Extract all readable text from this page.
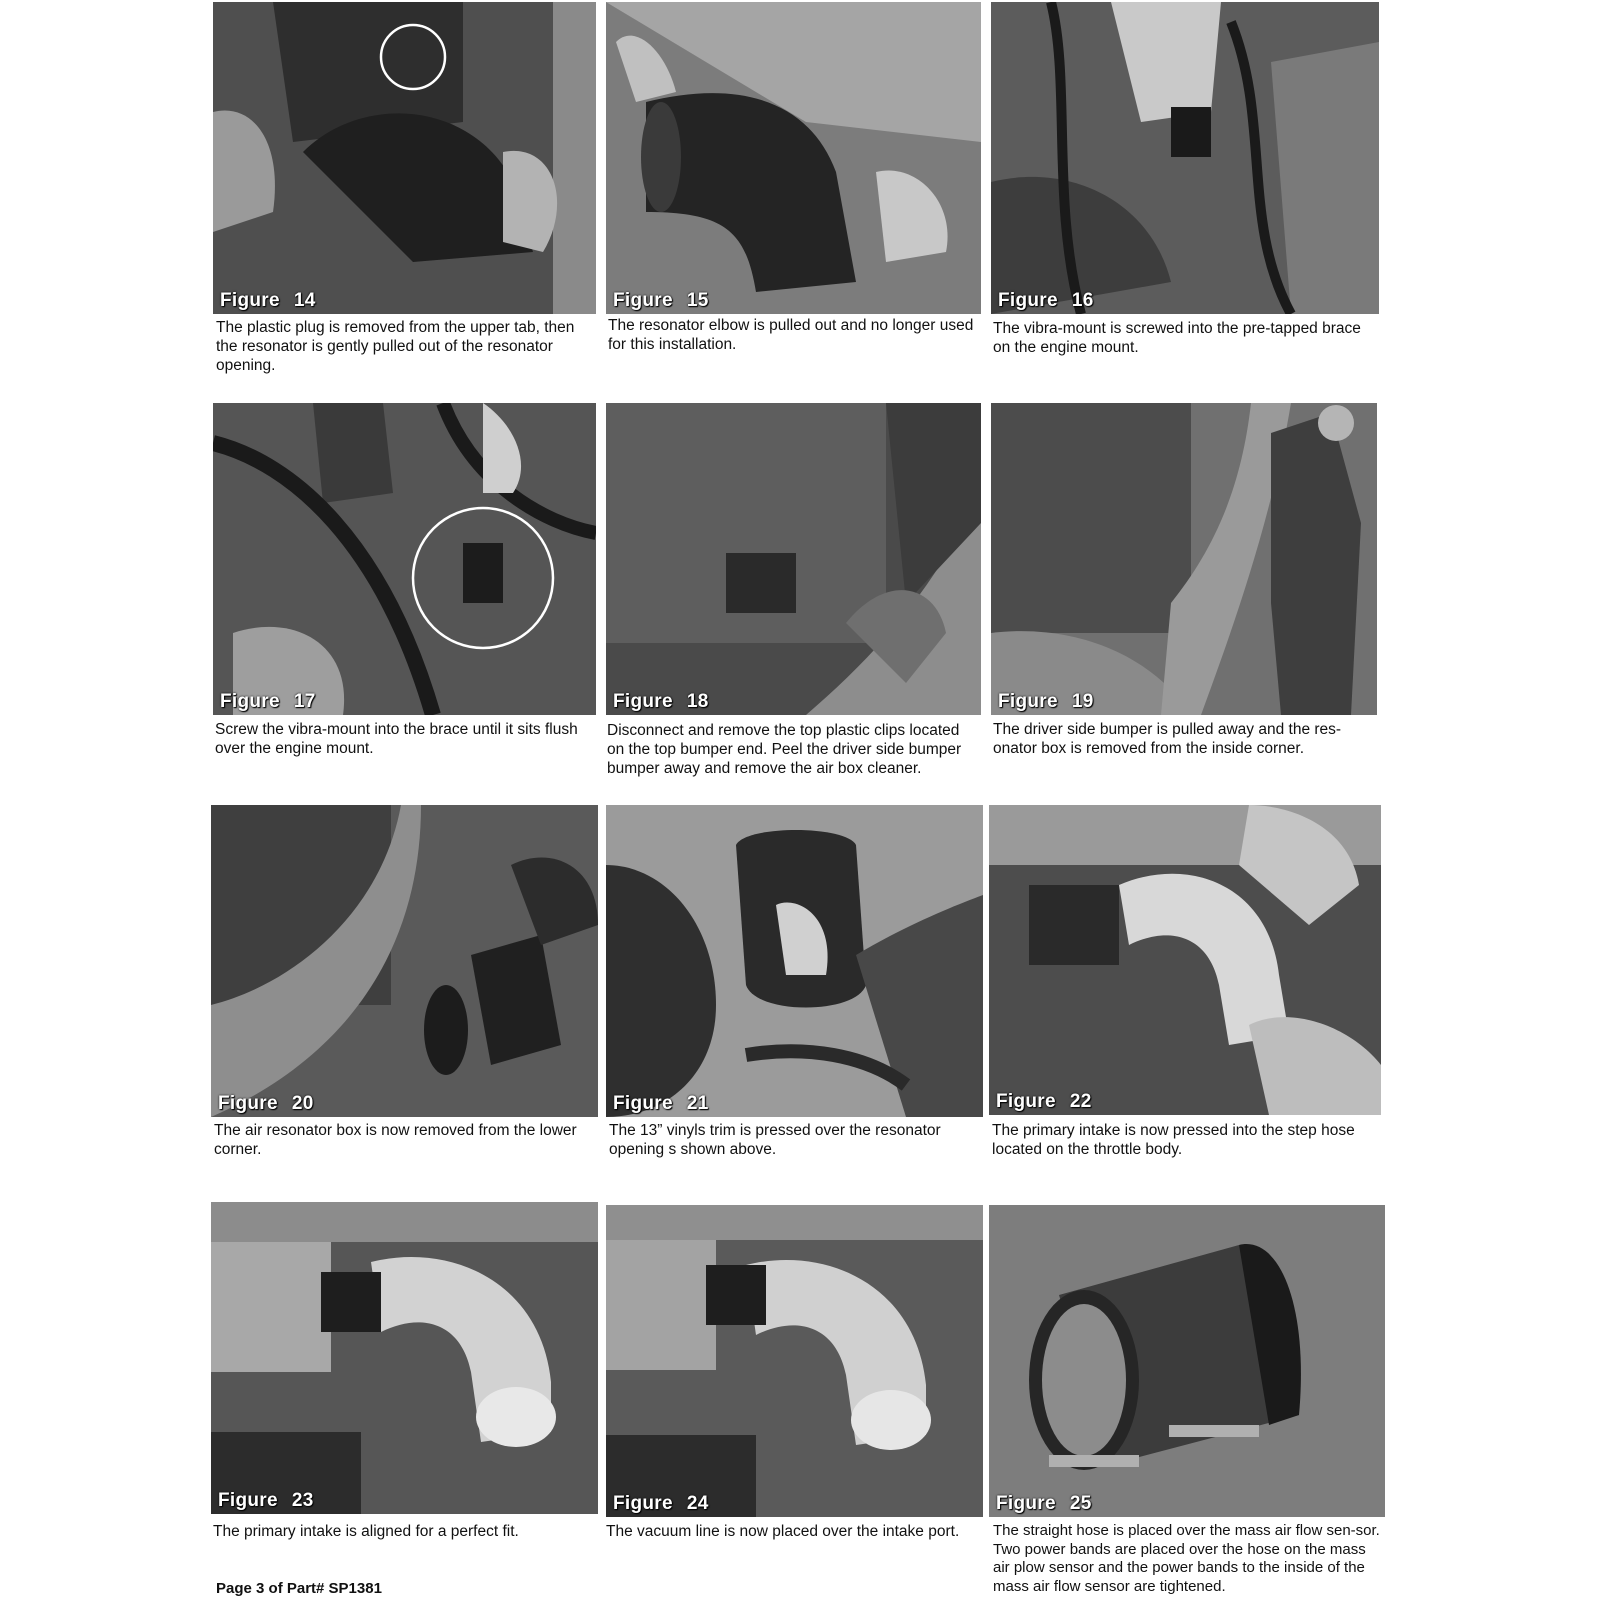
Figure 14	Figure 15	Figure 16
The plastic plug is removed from the upper tab, then the resonator is gently pulled out of the resonator opening.
The resonator elbow is pulled out and no longer used for this installation.
The vibra-mount is screwed into the pre-tapped brace on the engine mount.
Figure 17	Figure 18	Figure 19
Screw the vibra-mount into the brace until it sits flush over the engine mount.
Disconnect and remove the top plastic clips located on the top bumper end. Peel the driver side bumper bumper away and remove the air box cleaner.
The driver side bumper is pulled away and the res-onator box is removed from the inside corner.
Figure 20	Figure 21	Figure 22
The air resonator box is now removed from the lower corner.
The 13” vinyls trim is pressed over the resonator opening s shown above.
The primary intake is now pressed into the step hose located on the throttle body.
Figure 23	Figure 24	Figure 25
The primary intake is aligned for a perfect fit.	The vacuum line is now placed over the intake port.	The straight hose is placed over the mass air flow sen-sor. Two power bands are placed over the hose on the mass air plow sensor and the power bands to the inside of the mass air flow sensor are tightened.
Page 3 of Part# SP1381
